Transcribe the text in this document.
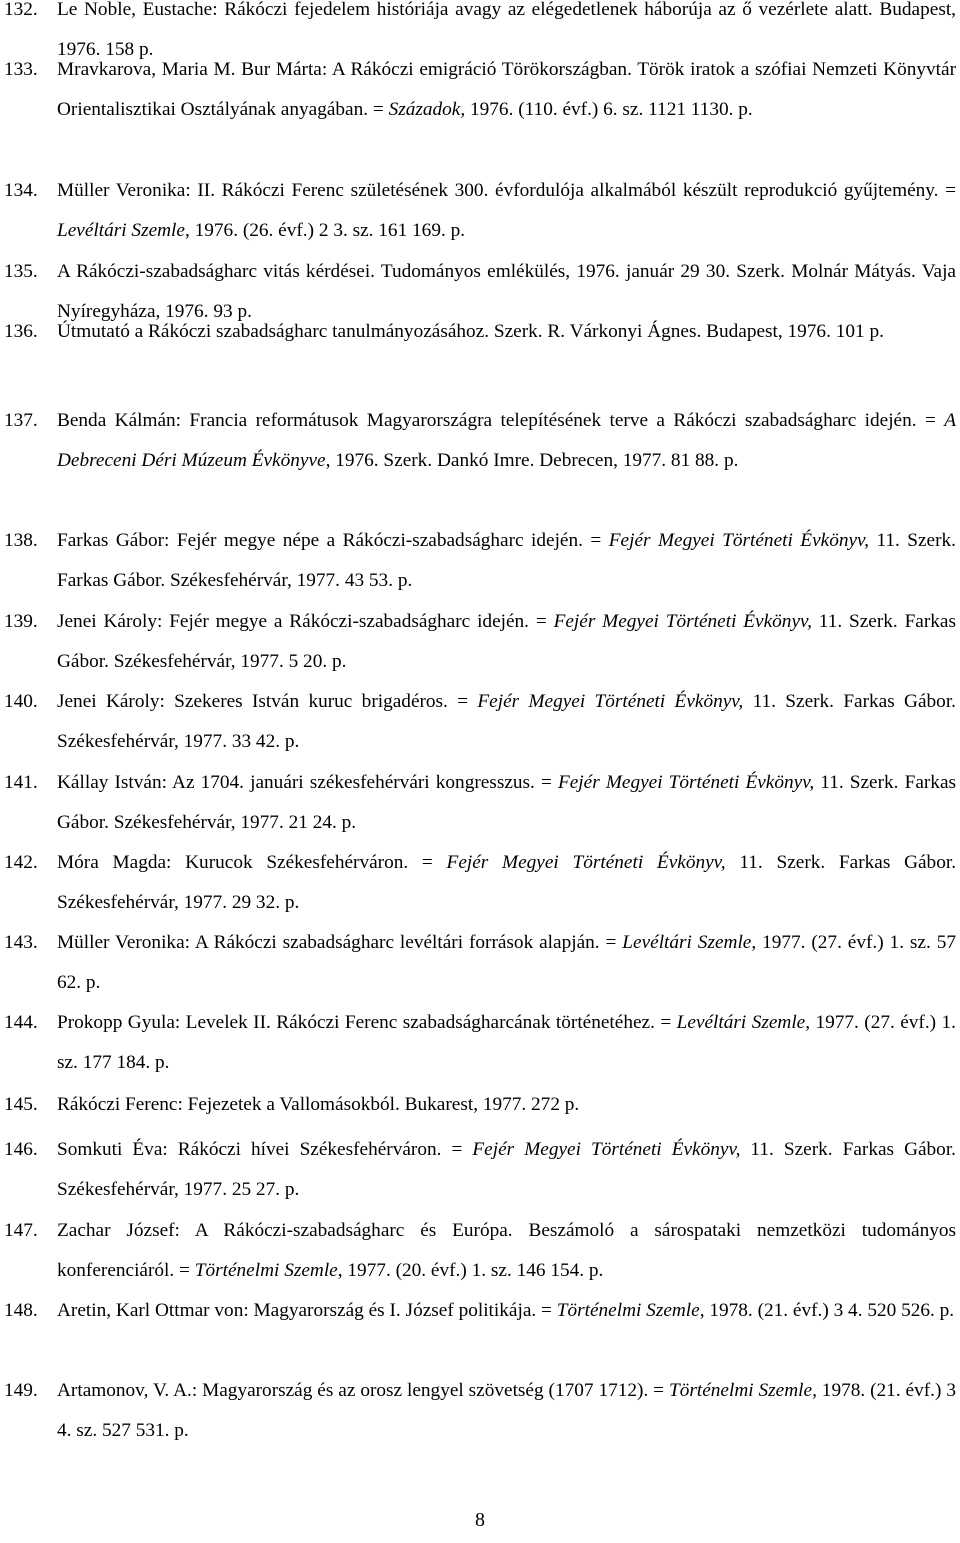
132. Le Noble, Eustache: Rákóczi fejedelem históriája avagy az elégedetlenek háborúja az ő vezérlete alatt. Budapest, 1976. 158 p.
133. Mravkarova, Maria M. Bur Márta: A Rákóczi emigráció Törökországban. Török iratok a szófiai Nemzeti Könyvtár Orientalisztikai Osztályának anyagában. = Századok, 1976. (110. évf.) 6. sz. 1121 1130. p.
134. Müller Veronika: II. Rákóczi Ferenc születésének 300. évfordulója alkalmából készült reprodukció gyűjtemény. = Levéltári Szemle, 1976. (26. évf.) 2 3. sz. 161 169. p.
135. A Rákóczi-szabadságharc vitás kérdései. Tudományos emlékülés, 1976. január 29 30. Szerk. Molnár Mátyás. Vaja Nyíregyháza, 1976. 93 p.
136. Útmutató a Rákóczi szabadságharc tanulmányozásához. Szerk. R. Várkonyi Ágnes. Budapest, 1976. 101 p.
137. Benda Kálmán: Francia reformátusok Magyarországra telepítésének terve a Rákóczi szabadságharc idején. = A Debreceni Déri Múzeum Évkönyve, 1976. Szerk. Dankó Imre. Debrecen, 1977. 81 88. p.
138. Farkas Gábor: Fejér megye népe a Rákóczi-szabadságharc idején. = Fejér Megyei Történeti Évkönyv, 11. Szerk. Farkas Gábor. Székesfehérvár, 1977. 43 53. p.
139. Jenei Károly: Fejér megye a Rákóczi-szabadságharc idején. = Fejér Megyei Történeti Évkönyv, 11. Szerk. Farkas Gábor. Székesfehérvár, 1977. 5 20. p.
140. Jenei Károly: Szekeres István kuruc brigadéros. = Fejér Megyei Történeti Évkönyv, 11. Szerk. Farkas Gábor. Székesfehérvár, 1977. 33 42. p.
141. Kállay István: Az 1704. januári székesfehérvári kongresszus. = Fejér Megyei Történeti Évkönyv, 11. Szerk. Farkas Gábor. Székesfehérvár, 1977. 21 24. p.
142. Móra Magda: Kurucok Székesfehérváron. = Fejér Megyei Történeti Évkönyv, 11. Szerk. Farkas Gábor. Székesfehérvár, 1977. 29 32. p.
143. Müller Veronika: A Rákóczi szabadságharc levéltári források alapján. = Levéltári Szemle, 1977. (27. évf.) 1. sz. 57 62. p.
144. Prokopp Gyula: Levelek II. Rákóczi Ferenc szabadságharcának történetéhez. = Levéltári Szemle, 1977. (27. évf.) 1. sz. 177 184. p.
145. Rákóczi Ferenc: Fejezetek a Vallomásokból. Bukarest, 1977. 272 p.
146. Somkuti Éva: Rákóczi hívei Székesfehérváron. = Fejér Megyei Történeti Évkönyv, 11. Szerk. Farkas Gábor. Székesfehérvár, 1977. 25 27. p.
147. Zachar József: A Rákóczi-szabadságharc és Európa. Beszámoló a sárospataki nemzetközi tudományos konferenciáról. = Történelmi Szemle, 1977. (20. évf.) 1. sz. 146 154. p.
148. Aretin, Karl Ottmar von: Magyarország és I. József politikája. = Történelmi Szemle, 1978. (21. évf.) 3 4. 520 526. p.
149. Artamonov, V. A.: Magyarország és az orosz lengyel szövetség (1707 1712). = Történelmi Szemle, 1978. (21. évf.) 3 4. sz. 527 531. p.
8
